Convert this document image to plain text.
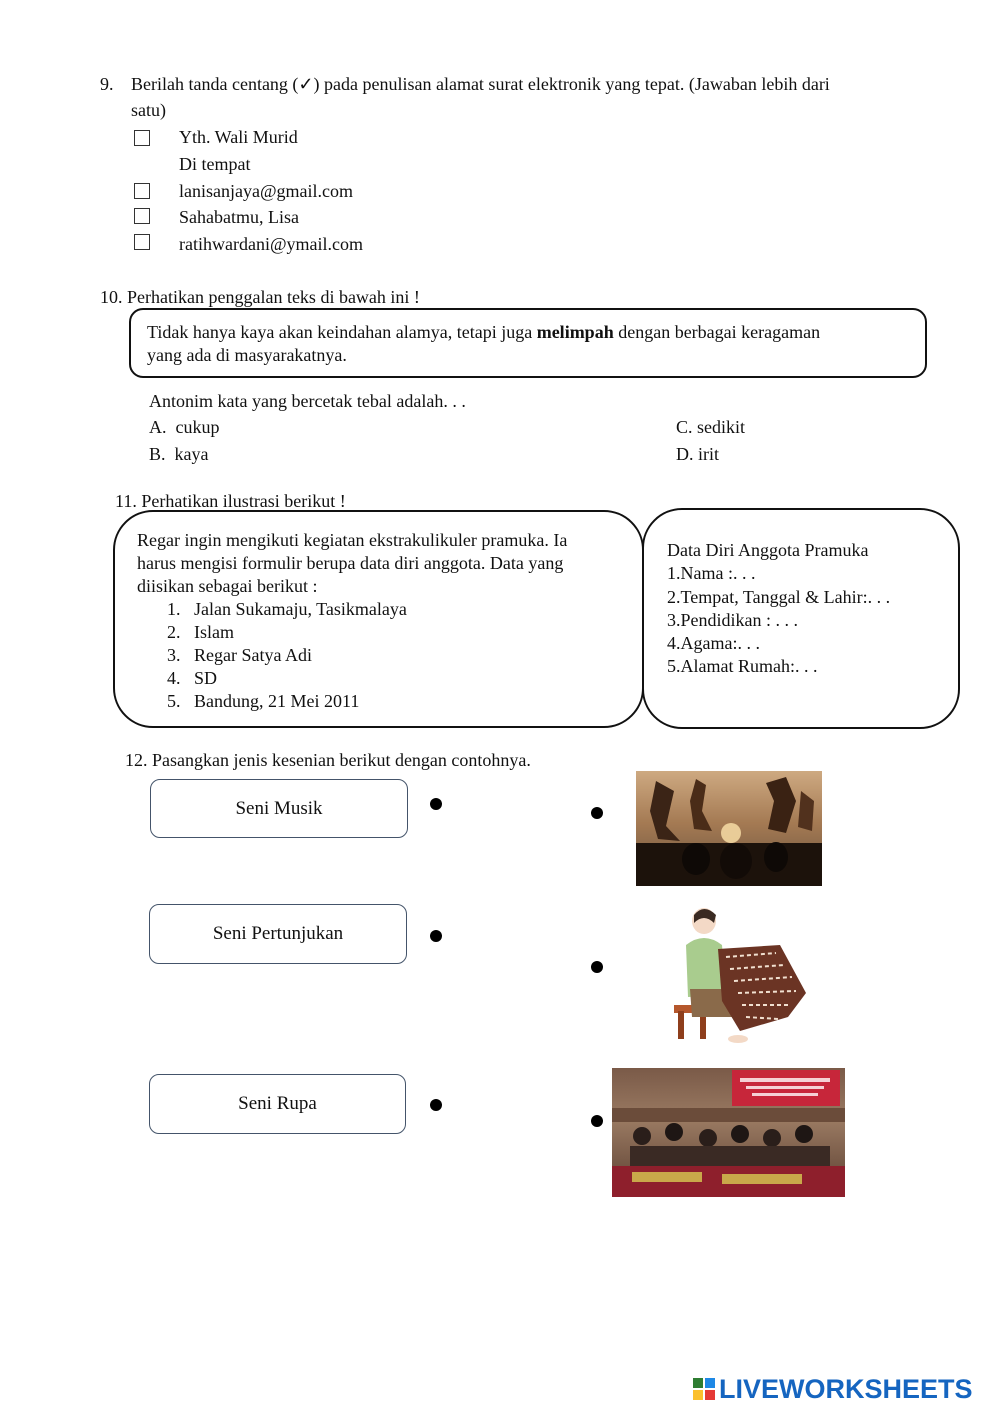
9. Berilah tanda centang (✓) pada penulisan alamat surat elektronik yang tepat. (Jawaban lebih dari
satu)
Yth. Wali Murid
Di tempat
lanisanjaya@gmail.com
Sahabatmu, Lisa
ratihwardani@ymail.com
10. Perhatikan penggalan teks di bawah ini !
Tidak hanya kaya akan keindahan alamya, tetapi juga melimpah dengan berbagai keragaman
yang ada di masyarakatnya.
Antonim kata yang bercetak tebal adalah. . .
A. cukup
B. kaya
C. sedikit
D. irit
11. Perhatikan ilustrasi berikut !
Regar ingin mengikuti kegiatan ekstrakulikuler pramuka. Ia
harus mengisi formulir berupa data diri anggota. Data yang
diisikan sebagai berikut :
1. Jalan Sukamaju, Tasikmalaya
2. Islam
3. Regar Satya Adi
4. SD
5. Bandung, 21 Mei 2011
Data Diri Anggota Pramuka
1.Nama :. . .
2.Tempat, Tanggal & Lahir:. . .
3.Pendidikan : . . .
4.Agama:. . .
5.Alamat Rumah:. . .
12. Pasangkan jenis kesenian berikut dengan contohnya.
Seni Musik
Seni Pertunjukan
Seni Rupa
LIVEWORKSHEETS
